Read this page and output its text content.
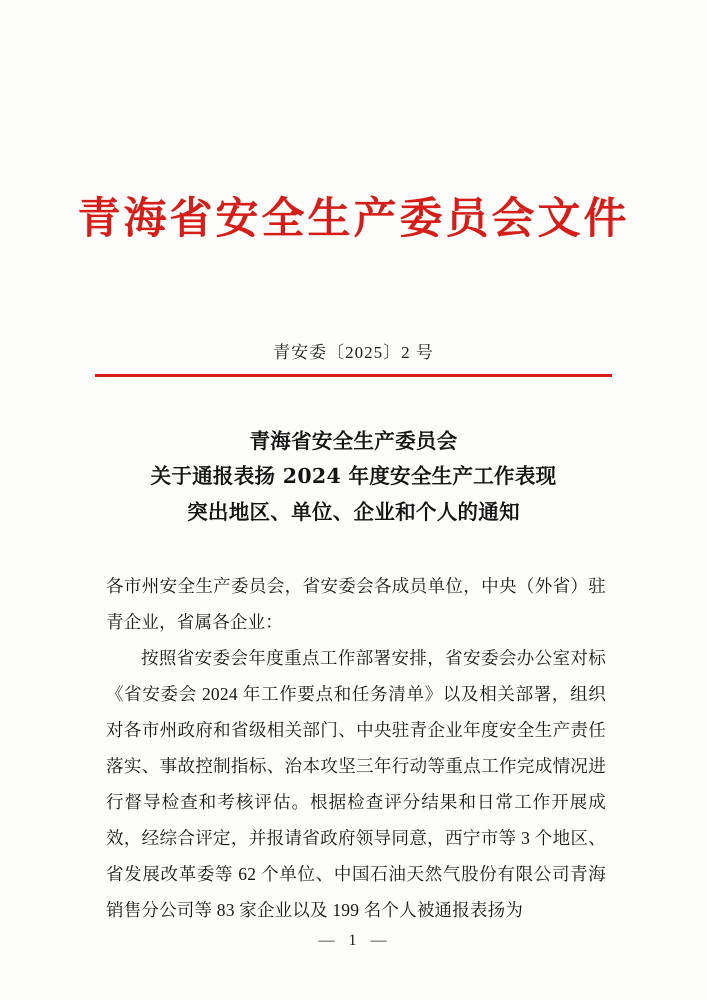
青海省安全生产委员会文件
青安委〔2025〕2 号
青海省安全生产委员会
关于通报表扬 2024 年度安全生产工作表现
突出地区、单位、企业和个人的通知

各市州安全生产委员会，省安委会各成员单位，中央（外省）驻青企业，省属各企业：

按照省安委会年度重点工作部署安排，省安委会办公室对标《省安委会 2024 年工作要点和任务清单》以及相关部署，组织对各市州政府和省级相关部门、中央驻青企业年度安全生产责任落实、事故控制指标、治本攻坚三年行动等重点工作完成情况进行督导检查和考核评估。根据检查评分结果和日常工作开展成效，经综合评定，并报请省政府领导同意，西宁市等 3 个地区、省发展改革委等 62 个单位、中国石油天然气股份有限公司青海销售分公司等 83 家企业以及 199 名个人被通报表扬为

— 1 —
